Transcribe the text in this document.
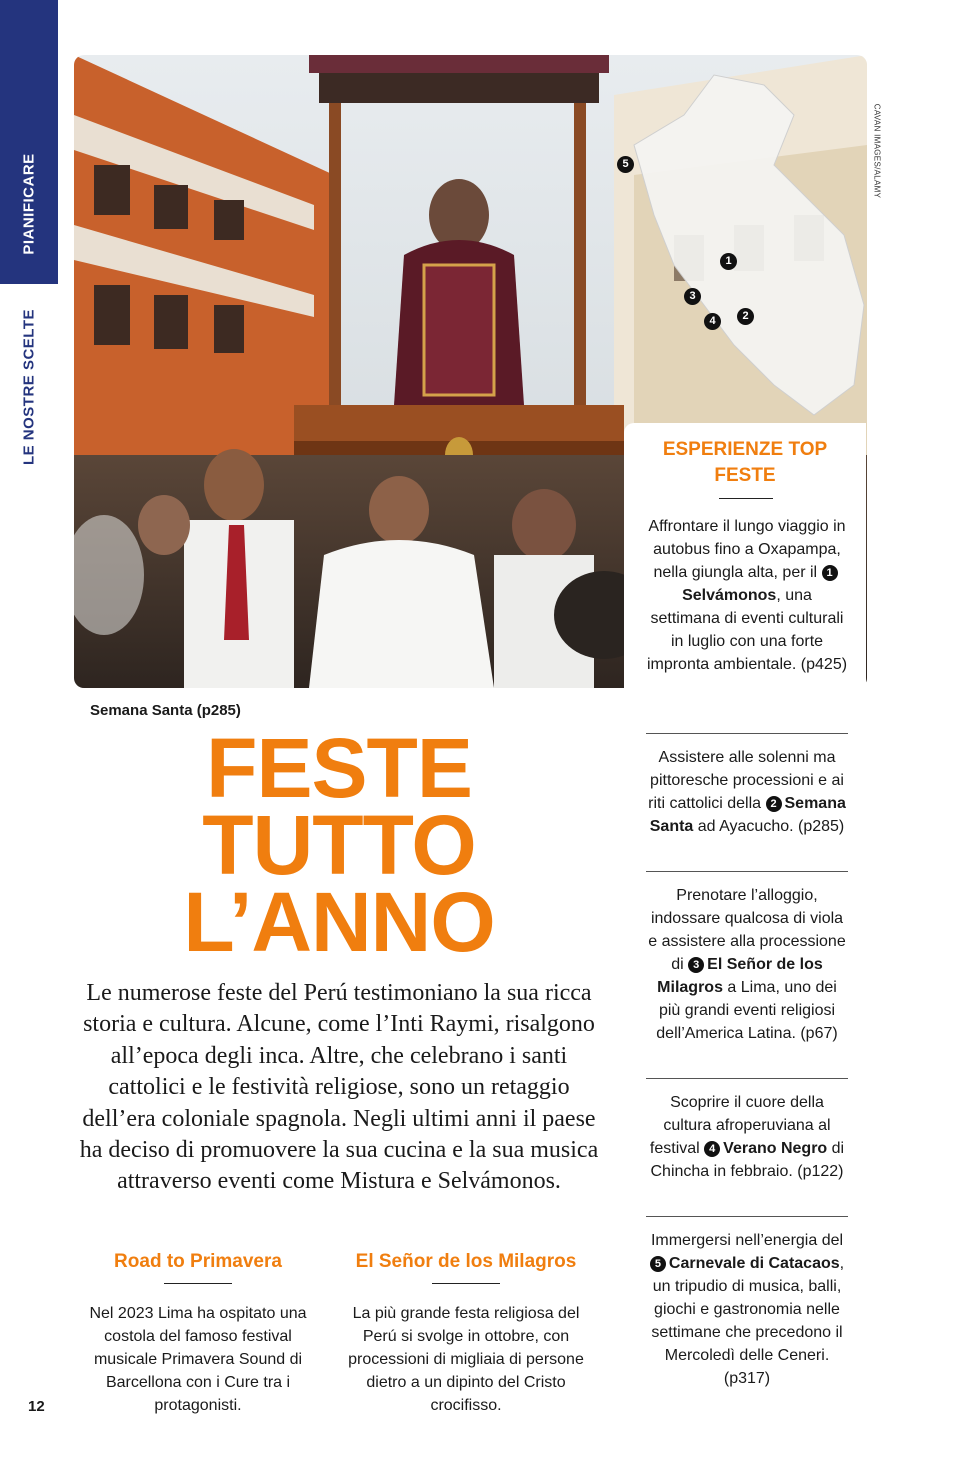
PIANIFICARE
LE NOSTRE SCELTE
5
1
3
4	2
CAVAN IMAGES/ALAMY
Semana Santa (p285)
FESTE
TUTTO
L’ANNO
Le numerose feste del Perú testimoniano la sua ricca storia e cultura. Alcune, come l’Inti Raymi, risalgono all’epoca degli inca. Altre, che celebrano i santi cattolici e le festività religiose, sono un retaggio dell’era coloniale spagnola. Negli ultimi anni il paese ha deciso di promuovere la sua cucina e la sua musica attraverso eventi come Mistura e Selvámonos.
Road to Primavera

Nel 2023 Lima ha ospitato una costola del famoso festival musicale Primavera Sound di Barcellona con i Cure tra i protagonisti.

El Señor de los Milagros

La più grande festa religiosa del Perú si svolge in ottobre, con processioni di migliaia di persone dietro a un dipinto del Cristo crocifisso.

12
ESPERIENZE TOP
FESTE
Affrontare il lungo viaggio in autobus fino a Oxapampa, nella giungla alta, per il 1Selvámonos, una settimana di eventi culturali in luglio con una forte impronta ambientale. (p425)
Assistere alle solenni ma pittoresche processioni e ai riti cattolici della 2 Semana Santa ad Ayacucho. (p285)
Prenotare l’alloggio, indossare qualcosa di viola e assistere alla processione di 3 El Señor de los Milagros a Lima, uno dei più grandi eventi religiosi dell’America Latina. (p67)
Scoprire il cuore della cultura afroperuviana al festival 4 Verano Negro di Chincha in febbraio. (p122)
Immergersi nell’energia del 5 Carnevale di Catacaos, un tripudio di musica, balli, giochi e gastronomia nelle settimane che precedono il Mercoledì delle Ceneri. (p317)
